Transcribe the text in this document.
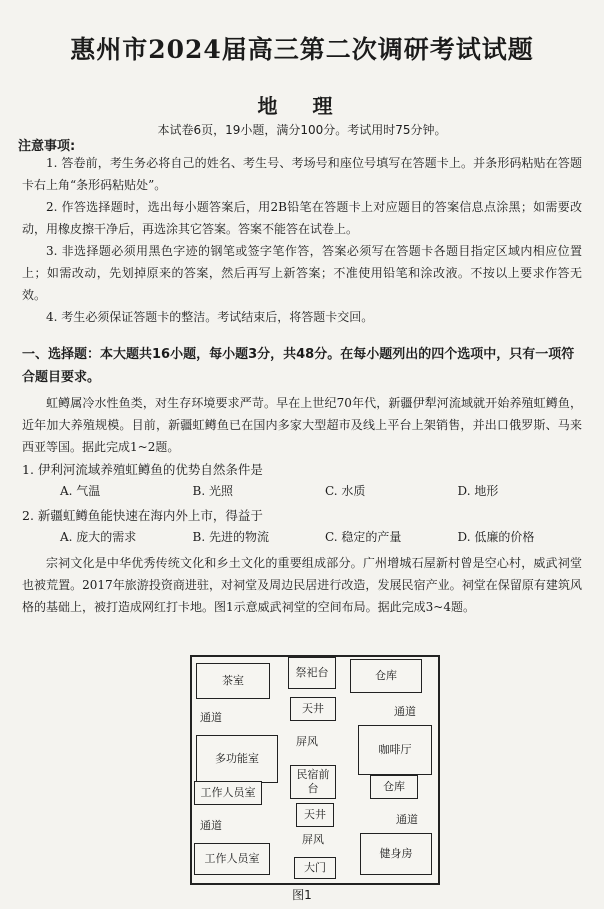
惠州市2024届高三第二次调研考试试题
地 理
本试卷6页，19小题，满分100分。考试用时75分钟。
注意事项:
1. 答卷前，考生务必将自己的姓名、考生号、考场号和座位号填写在答题卡上。并条形码粘贴在答题卡右上角“条形码粘贴处”。
2. 作答选择题时，选出每小题答案后，用2B铅笔在答题卡上对应题目的答案信息点涂黑；如需要改动，用橡皮擦干净后，再选涂其它答案。答案不能答在试卷上。
3. 非选择题必须用黑色字迹的钢笔或签字笔作答，答案必须写在答题卡各题目指定区域内相应位置上；如需改动，先划掉原来的答案，然后再写上新答案；不准使用铅笔和涂改液。不按以上要求作答无效。
4. 考生必须保证答题卡的整洁。考试结束后，将答题卡交回。
一、选择题：本大题共16小题，每小题3分，共48分。在每小题列出的四个选项中，只有一项符合题目要求。
虹鳟属冷水性鱼类，对生存环境要求严苛。早在上世纪70年代，新疆伊犁河流域就开始养殖虹鳟鱼，近年加大养殖规模。目前，新疆虹鳟鱼已在国内多家大型超市及线上平台上架销售，并出口俄罗斯、马来西亚等国。据此完成1~2题。
1. 伊利河流域养殖虹鳟鱼的优势自然条件是
A. 气温	B. 光照	C. 水质	D. 地形
2. 新疆虹鳟鱼能快速在海内外上市，得益于
A. 庞大的需求	B. 先进的物流	C. 稳定的产量	D. 低廉的价格
宗祠文化是中华优秀传统文化和乡土文化的重要组成部分。广州增城石屋新村曾是空心村，威武祠堂也被荒置。2017年旅游投资商进驻，对祠堂及周边民居进行改造，发展民宿产业。祠堂在保留原有建筑风格的基础上，被打造成网红打卡地。图1示意威武祠堂的空间布局。据此完成3~4题。
茶室
祭祀台	仓库
通道
天井	通道
屏风
多功能室
咖啡厅
民宿前台
工作人员室	仓库
天井
通道	通道
屏风
工作人员室	健身房
大门
图1
